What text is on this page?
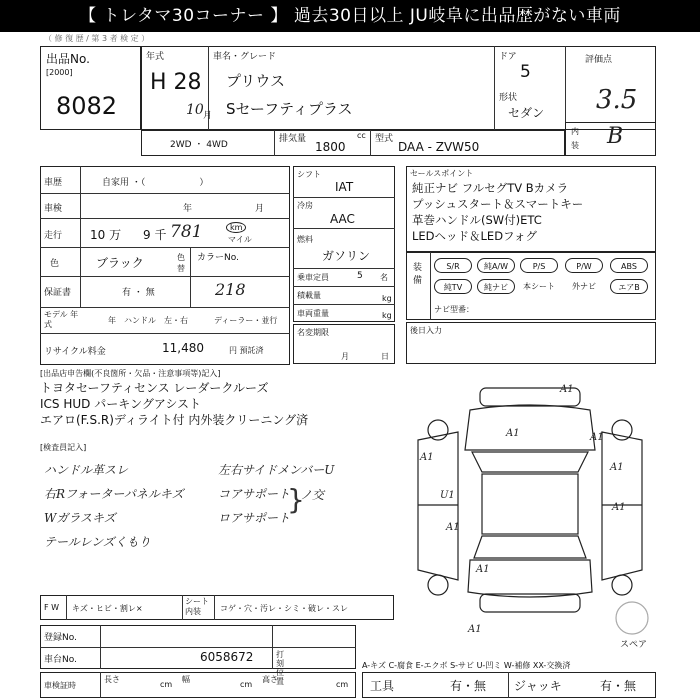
【 トレタマ30コーナー 】 過去30日以上 JU岐阜に出品歴がない車両
（ 修 復 歴 / 第 3 者 検 定 ）
出品No.
[2000]
8082
年式
H 28
10 月
車名・グレード
プリウス
Sセーフティプラス
ドア
5
形状
セダン
評価点
3.5
内
装 B
2WD ・ 4WD
排気量	cc
1800
型式
DAA - ZVW50
車歴	自家用 ・（　　　　　　）
車検	年	月
走行 10 万 9 千 781	km
マイル
色	ブラック	色替
カラーNo.
218
保証書	有 ・ 無
モデル 年式	年 ハンドル 左・右	ディーラー・並行
リサイクル料金	11,480	円 預託済
シフト
IAT
冷房
AAC
燃料
ガソリン
乗車定員	5 名
積載量	kg
車両重量	kg
名変期限
月	日
セールスポイント
純正ナビ フルセグTV Bカメラ
プッシュスタート＆スマートキー
革巻ハンドル(SW付)ETC
LEDヘッド＆LEDフォグ
装備
S/R	純A/W	P/S	P/W	ABS
純TV	純ナビ	本シート	外ナビ	エアB
ナビ型番：
後日入力
[出品店申告欄(不良箇所・欠品・注意事項等)記入]
トヨタセーフティセンス レーダークルーズ
ICS HUD パーキングアシスト
エアロ(F.S.R)ディライト付 内外装クリーニング済
[検査員記入]
ハンドル革スレ
右Rフォーターパネルキズ
Wガラスキズ
テールレンズくもり
左右サイドメンバーU
コアサポート
ロアサポート
ノ交
}
A1
A1	A1
A1
A1
A1
U1
A1
A1
A1
スペア
F W キズ・ヒビ・割レ×
シート 内装	コゲ・穴・汚レ・シミ・破レ・スレ
登録No.
車台No.	6058672	打刻位置
A-キズ C-腐食 E-エクボ S-サビ U-凹ミ W-補修 XX-交換済
車検証時
長さ
cm
幅
cm
高さ
cm 工具	有・無 ジャッキ	有・無
